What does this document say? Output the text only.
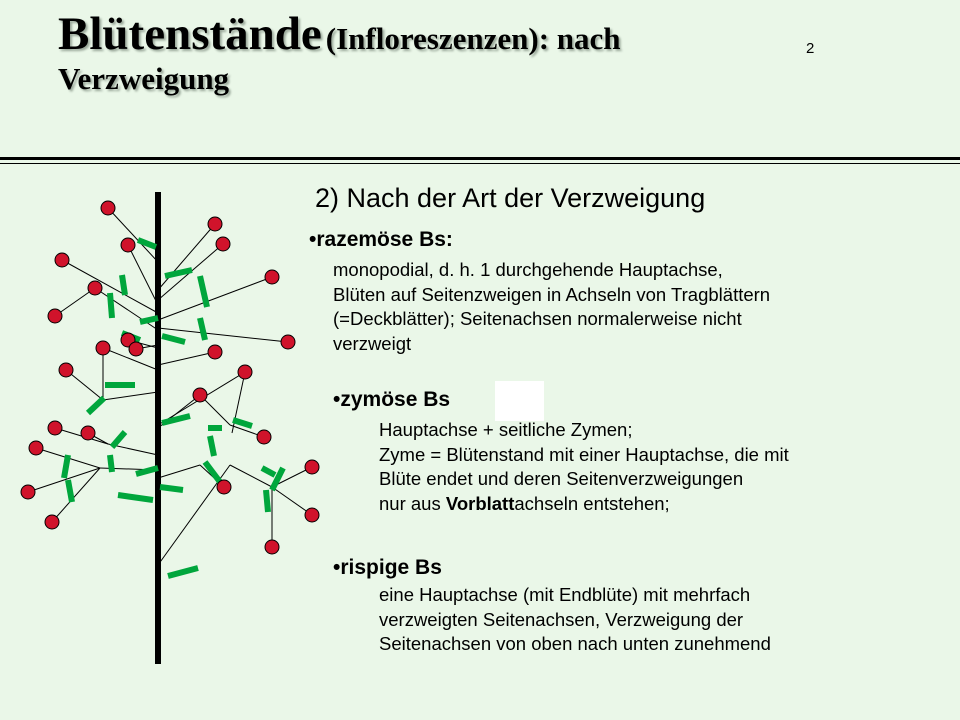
Blütenstände (Infloreszenzen): nach
Verzweigung
2
2) Nach der Art der Verzweigung
•razemöse Bs:
monopodial, d. h. 1 durchgehende Hauptachse,
Blüten auf Seitenzweigen in Achseln von Tragblättern
(=Deckblätter); Seitenachsen normalerweise nicht
verzweigt
•zymöse Bs
Hauptachse + seitliche Zymen;
Zyme = Blütenstand mit einer Hauptachse, die mit
Blüte endet und deren Seitenverzweigungen
nur aus Vorblattachseln entstehen;
•rispige Bs
eine Hauptachse (mit Endblüte) mit mehrfach
verzweigten Seitenachsen, Verzweigung der
Seitenachsen von oben nach unten zunehmend
